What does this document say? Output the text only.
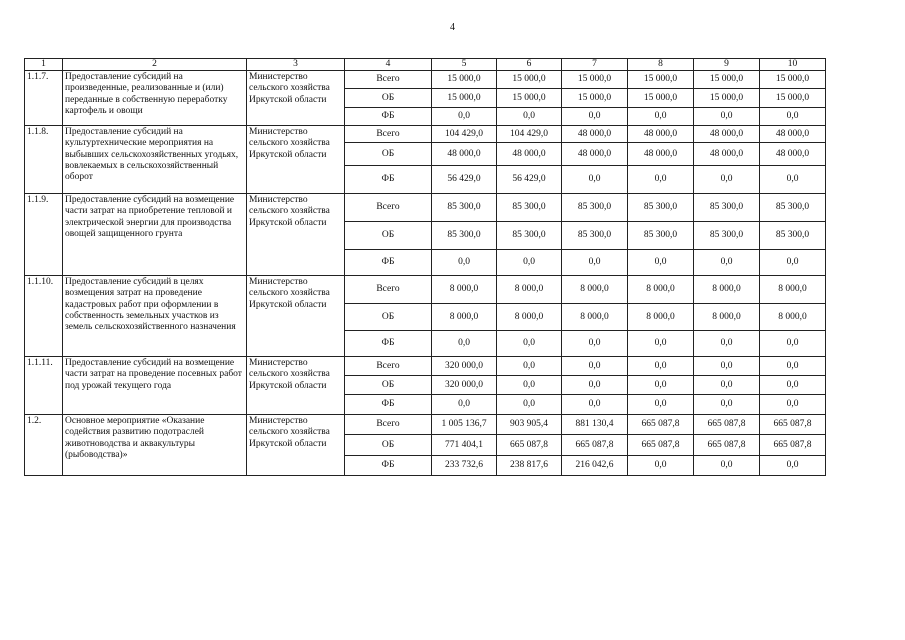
4
1	2	3	4	5	6	7	8	9	10
1.1.7.	Предоставление субсидий на произведенные, реализованные и (или) переданные в собственную переработку картофель и овощи	Министерство сельского хозяйства Иркутской области	Всего	15 000,0	15 000,0	15 000,0	15 000,0	15 000,0	15 000,0
			ОБ	15 000,0	15 000,0	15 000,0	15 000,0	15 000,0	15 000,0
			ФБ	0,0	0,0	0,0	0,0	0,0	0,0
1.1.8.	Предоставление субсидий на культуртехнические мероприятия на выбывших сельскохозяйственных угодьях, вовлекаемых в сельскохозяйственный оборот	Министерство сельского хозяйства Иркутской области	Всего	104 429,0	104 429,0	48 000,0	48 000,0	48 000,0	48 000,0
			ОБ	48 000,0	48 000,0	48 000,0	48 000,0	48 000,0	48 000,0
			ФБ	56 429,0	56 429,0	0,0	0,0	0,0	0,0
1.1.9.	Предоставление субсидий на возмещение части затрат на приобретение тепловой и электрической энергии для производства овощей защищенного грунта	Министерство сельского хозяйства Иркутской области	Всего	85 300,0	85 300,0	85 300,0	85 300,0	85 300,0	85 300,0
			ОБ	85 300,0	85 300,0	85 300,0	85 300,0	85 300,0	85 300,0
			ФБ	0,0	0,0	0,0	0,0	0,0	0,0
1.1.10.	Предоставление субсидий в целях возмещения затрат на проведение кадастровых работ при оформлении в собственность земельных участков из земель сельскохозяйственного назначения	Министерство сельского хозяйства Иркутской области	Всего	8 000,0	8 000,0	8 000,0	8 000,0	8 000,0	8 000,0
			ОБ	8 000,0	8 000,0	8 000,0	8 000,0	8 000,0	8 000,0
			ФБ	0,0	0,0	0,0	0,0	0,0	0,0
1.1.11.	Предоставление субсидий на возмещение части затрат на проведение посевных работ под урожай текущего года	Министерство сельского хозяйства Иркутской области	Всего	320 000,0	0,0	0,0	0,0	0,0	0,0
			ОБ	320 000,0	0,0	0,0	0,0	0,0	0,0
			ФБ	0,0	0,0	0,0	0,0	0,0	0,0
1.2.	Основное мероприятие «Оказание содействия развитию подотраслей животноводства и аквакультуры (рыбоводства)»	Министерство сельского хозяйства Иркутской области	Всего	1 005 136,7	903 905,4	881 130,4	665 087,8	665 087,8	665 087,8
			ОБ	771 404,1	665 087,8	665 087,8	665 087,8	665 087,8	665 087,8
			ФБ	233 732,6	238 817,6	216 042,6	0,0	0,0	0,0
